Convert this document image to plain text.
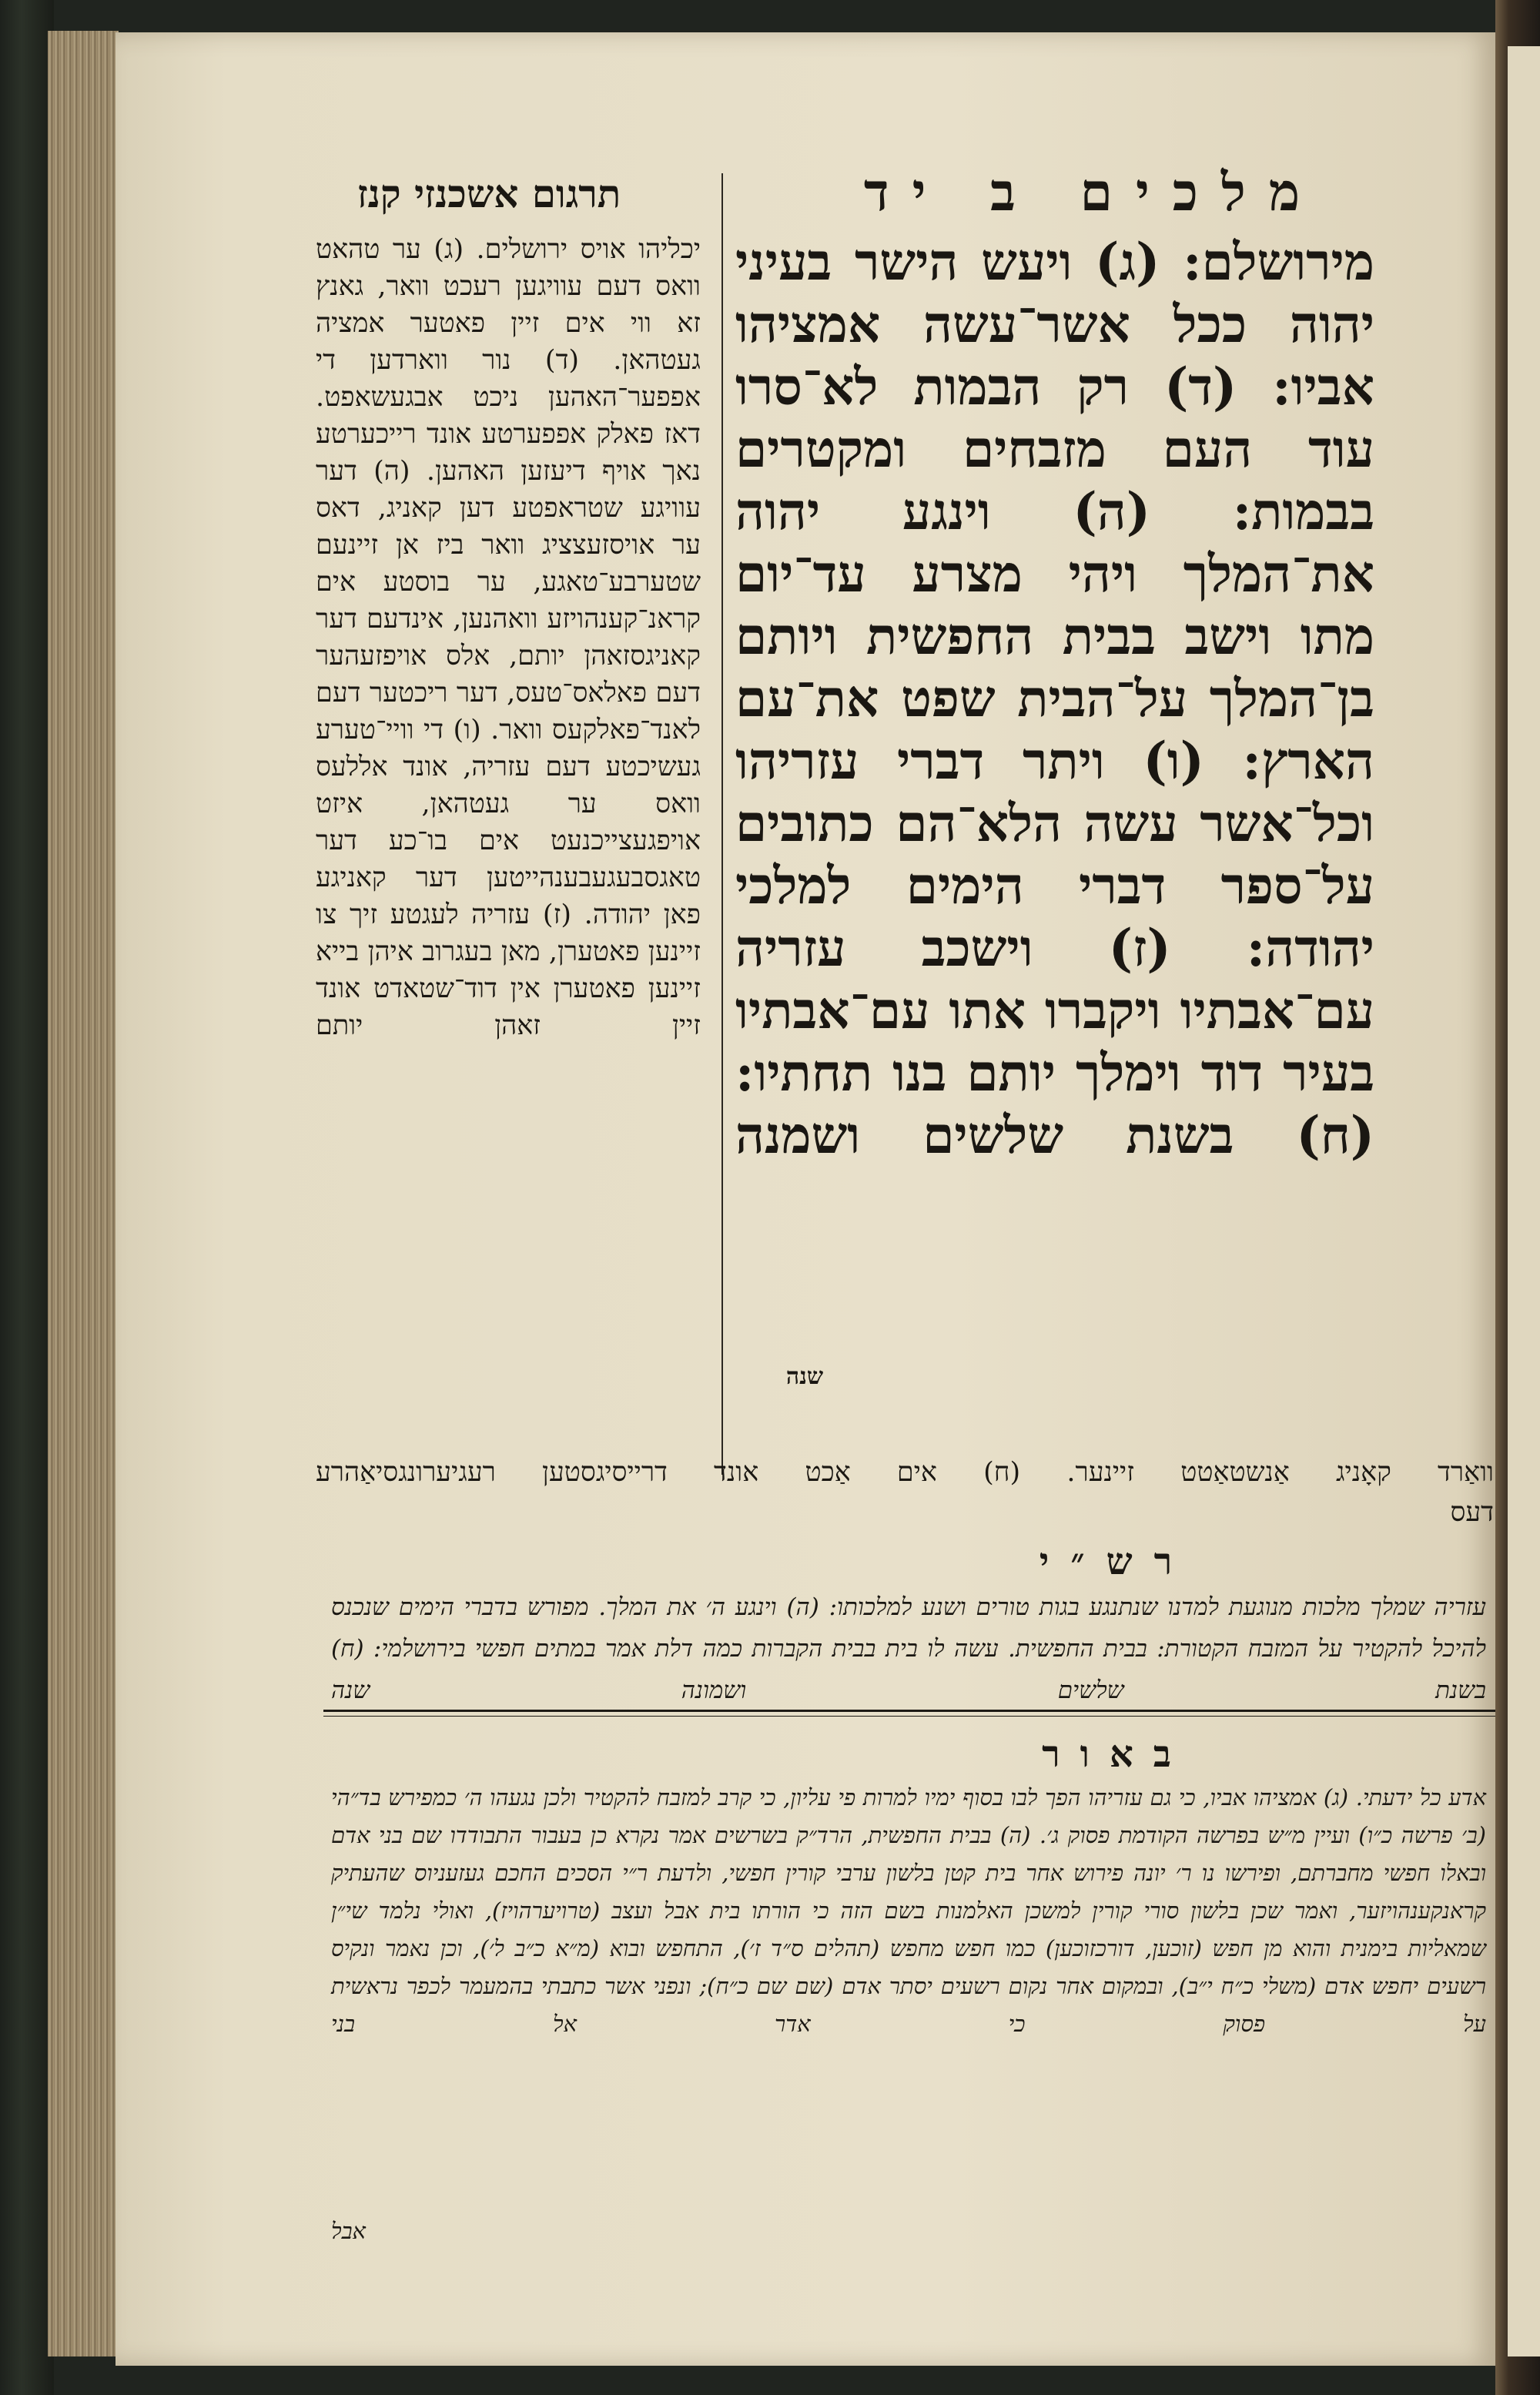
תרגום אשכנזי קנז	מלכים ב יד
מירושלם: (ג) ויעש הישר בעיני יהוה ככל אשר־עשה אמציהו אביו: (ד) רק הבמות לא־סרו עוד העם מזבחים ומקטרים בבמות: (ה) וינגע יהוה את־המלך ויהי מצרע עד־יום מתו וישב בבית החפשית ויותם בן־המלך על־הבית שפט את־עם הארץ: (ו) ויתר דברי עזריהו וכל־אשר עשה הלא־הם כתובים על־ספר דברי הימים למלכי יהודה: (ז) וישכב עזריה עם־אבתיו ויקברו אתו עם־אבתיו בעיר דוד וימלך יותם בנו תחתיו: (ח) בשנת שלשים ושמנה
שנה
יכליהו אויס ירושלים. (ג) ער טהאט וואס דעם עוויגען רעכט וואר, גאנץ זא ווי אים זיין פאטער אמציה געטהאן. (ד) נור ווארדען די אפפער־האהען ניכט אבגעשאפט. דאז פאלק אפפערטע אונד רייכערטע נאך אויף דיעזען האהען. (ה) דער עוויגע שטראפטע דען קאניג, דאס ער אויסזעצציג וואר ביז אן זיינעם שטערבע־טאגע, ער בוסטע אים קראנ־קענהויזע וואהנען, אינדעם דער קאניגסזאהן יותם, אלס אויפזעהער דעם פאלאס־טעס, דער ריכטער דעם לאנד־פאלקעס וואר. (ו) די וויי־טערע געשיכטע דעם עזריה, אונד אללעס וואס ער געטהאן, איזט אויפגעצייכנעט אים בו־כע דער טאגסבעגעבענהייטען דער קאניגע פאן יהודה. (ז) עזריה לעגטע זיך צו זיינען פאטערן, מאן בעגרוב איהן בייא זיינען פאטערן אין דוד־שטאדט אונד זיין זאהן יותם
וואַרד קאָניג אַנשטאַטט זיינער. (ח) אים אַכט אונד דרייסיגסטען רעגיערונגסיאַהרע
דעס
רש״י
עזריה שמלך מלכות מנוגעת למדנו שנתנגע בגות טורים ושנע למלכותו: (ה) וינגע ה׳ את המלך. מפורש בדברי הימים שנכנס להיכל להקטיר על המזבח הקטורת: בבית החפשית. עשה לו בית בבית הקברות כמה דלת אמר במתים חפשי בירושלמי: (ח) בשנת שלשים ושמונה שנה
באור
אדע כל ידעתי. (ג) אמציהו אביו, כי גם עזריהו הפך לבו בסוף ימיו למרות פי עליון, כי קרב למזבח להקטיר ולכן נגעהו ה׳ כמפירש בד״הי (ב׳ פרשה כ״ו) ועיין מ״ש בפרשה הקודמת פסוק ג׳. (ה) בבית החפשית, הרד״ק בשרשים אמר נקרא כן בעבור התבודדו שם בני אדם ובאלו חפשי מחברתם, ופירשו נו ר׳ יונה פירוש אחר בית קטן בלשון ערבי קורין חפשי, ולדעת ר״י הסכים החכם געזעניוס שהעתיק קראנקענהויזער, ואמר שכן בלשון סורי קורין למשכן האלמנות בשם הזה כי הורתו בית אבל ועצב (טרויערהויז), ואולי נלמד שי״ן שמאליות בימנית והוא מן חפש (זוכען, דורכזוכען) כמו חפש מחפש (תהלים ס״ד ז׳), התחפש ובוא (מ״א כ״ב ל׳), וכן נאמר ונקיס רשעים יחפש אדם (משלי כ״ח י״ב), ובמקום אחר נקום רשעים יסתר אדם (שם שם כ״ח); ונפני אשר כתבתי בהמעמר לכפר נראשית על פסוק כי אדר אל בני
אבל
